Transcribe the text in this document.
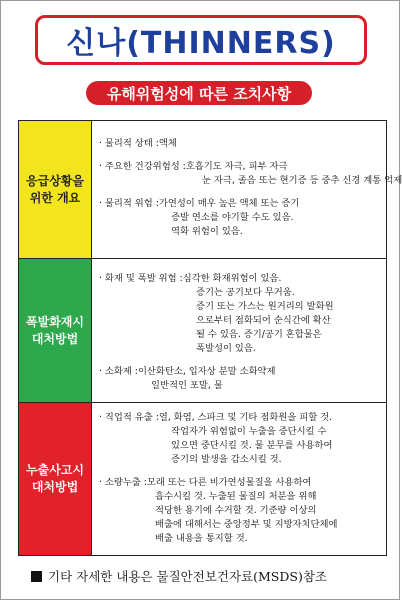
신나(THINNERS)
유해위험성에 따른 조치사항
응급상황을
위한 개요
· 물리적 상태 : 액체
· 주요한 건강위험성 : 호흡기도 자극, 피부 자극
눈 자극, 졸음 또는 현기증 등 중추 신경 계통 억제
· 물리적 위험 : 가연성이 매우 높은 액체 또는 증기
증발 연소를 야기할 수도 있음.
역화 위험이 있음.
폭발화재시
대처방법
· 화재 및 폭발 위험 : 심각한 화재위험이 있음.
증기는 공기보다 무거움.
증기 또는 가스는 원거리의 발화원
으로부터 점화되어 순식간에 확산
될 수 있음. 증기/공기 혼합물은
폭발성이 있음.
· 소화제 : 이산화탄소, 입자상 분말 소화약제
일반적인 포말, 물
누출사고시
대처방법
· 직업적 유출 : 열, 화염, 스파크 및 기타 점화원을 피할 것.
작업자가 위험없이 누출을 중단시킬 수
있으면 중단시킬 것. 물 분무를 사용하여
증기의 발생을 감소시킬 것.
· 소량누출 : 모래 또는 다른 비가연성물질을 사용하여
흡수시킬 것. 누출된 물질의 처분을 위해
적당한 용기에 수거할 것. 기준량 이상의
배출에 대해서는 중앙정부 및 지방자치단체에
배출 내용을 통지할 것.
기타 자세한 내용은 물질안전보건자료(MSDS)참조
